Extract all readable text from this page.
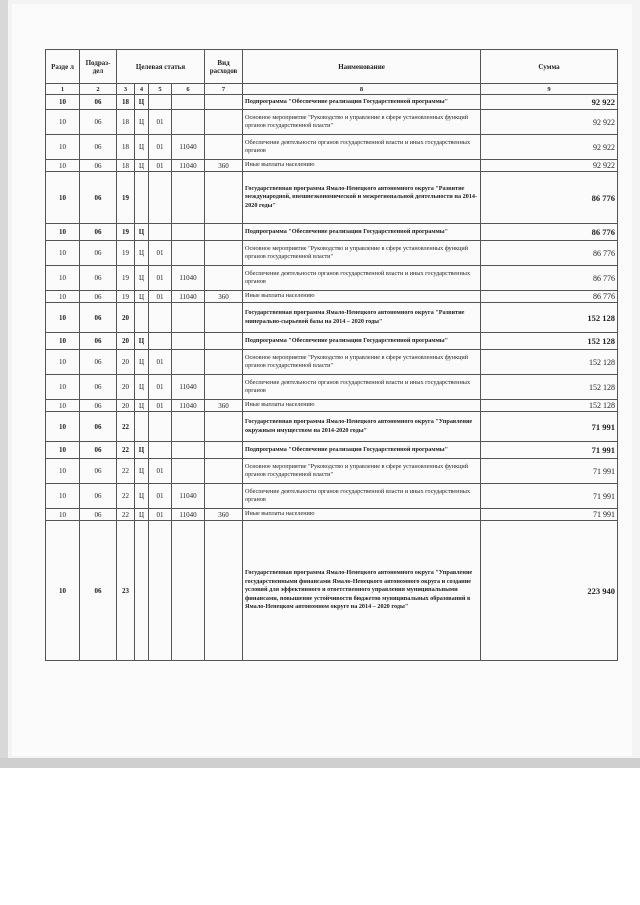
Разде л	Подраз- дел	Целевая статья				Вид расходов	Наименование	Сумма
1	2	3	4	5	6	7	8	9
10	06	18	Ц				Подпрограмма "Обеспечение реализации Государственной программы"	92 922
10	06	18	Ц	01			Основное мероприятие "Руководство и управление в сфере установленных функций органов государственной власти"	92 922
10	06	18	Ц	01	11040		Обеспечение деятельности органов государственной власти и иных государственных органов	92 922
10	06	18	Ц	01	11040	360	Иные выплаты населению	92 922
10	06	19					Государственная программа Ямало-Ненецкого автономного округа "Развитие международной, внешнеэкономической и межрегиональной деятельности на 2014-2020 годы"	86 776
10	06	19	Ц				Подпрограмма "Обеспечение реализации Государственной программы"	86 776
10	06	19	Ц	01			Основное мероприятие "Руководство и управление в сфере установленных функций органов государственной власти"	86 776
10	06	19	Ц	01	11040		Обеспечение деятельности органов государственной власти и иных государственных органов	86 776
10	06	19	Ц	01	11040	360	Иные выплаты населению	86 776
10	06	20					Государственная программа Ямало-Ненецкого автономного округа "Развитие минерально-сырьевой базы на 2014 – 2020 годы"	152 128
10	06	20	Ц				Подпрограмма "Обеспечение реализации Государственной программы"	152 128
10	06	20	Ц	01			Основное мероприятие "Руководство и управление в сфере установленных функций органов государственной власти"	152 128
10	06	20	Ц	01	11040		Обеспечение деятельности органов государственной власти и иных государственных органов	152 128
10	06	20	Ц	01	11040	360	Иные выплаты населению	152 128
10	06	22					Государственная программа Ямало-Ненецкого автономного округа "Управление окружным имуществом на 2014-2020 годы"	71 991
10	06	22	Ц				Подпрограмма "Обеспечение реализации Государственной программы"	71 991
10	06	22	Ц	01			Основное мероприятие "Руководство и управление в сфере установленных функций органов государственной власти"	71 991
10	06	22	Ц	01	11040		Обеспечение деятельности органов государственной власти и иных государственных органов	71 991
10	06	22	Ц	01	11040	360	Иные выплаты населению	71 991
10	06	23					Государственная программа Ямало-Ненецкого автономного округа "Управление государственными финансами Ямало-Ненецкого автономного округа и создание условий для эффективного и ответственного управления муниципальными финансами, повышение устойчивости бюджетов муниципальных образований в Ямало-Ненецком автономном округе на 2014 – 2020 годы"	223 940
